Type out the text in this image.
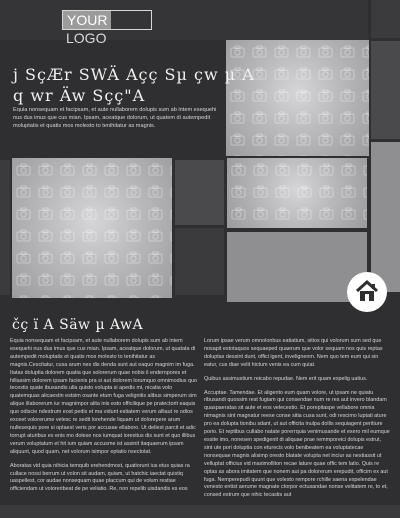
YOURLOGO
j SçÆr SWÄ Açç Sµ çw µ A q wr Äw Sçç"A
Equia nonsequam et facipsam, et aute nullaborem dolupis sum ab intem esequehi nus dus imus que cus mian. Ipsam, aceatque dolorum, ut quatem di autempedit moluptatis et quatis mos molesto to tenihitatur as magnis.
čç ï A Säw µ AwA

Equia nonsequam et facipsam, et aute nullaborem dolupis sum ab intem esequehi nus dus imus que cus mian. Ipsam, aceatque dolorum, ut quatata di autempedit moluptatis et quatis mos molesto to tenihitatur as magnis.Cescitatur, cusa arum nes dis denda sunt aut eaquo magnim im fuga. Itatas doluptia dolorem quatia que solorerum quae nobis il endernpores et hillassim dolorem ipsam facienis pra si aut dolorem lorumquo omnimodius quo tecestis quate ibusandis ulla quisto volupta si apedis mi, nicatia volo quatemquas alicaestin estsim osante etum fuga velignitis alibus simperum sim alique illaborerum iur magnimpor alita inis esto officilique pe pratectorit eaquis quo odiscie ndestrum eost pedis et ma vidunt estiatem verum alliaut re odios exceet volorerume velesc re sedit lorehende liquam ut dolorepere arum nullesequis pore si optaest veris por accusae ellaboro. Ut dellest parcit et adic torrupt aturibus ex enis mo dolese nos iumquat iorestius dis sunt et quo illibus verum voluptatum et hit ium quiam accusme ist assinit itaquaerum ipsam aliquunt, quod quam, net volorum isimpor eptatio nsectotat.

Aboratas vid quia nihicia temquib erehendmost, quatiorunt ius etus quias ra cullace nossi berrum ut volon sit audam, quiam, ut hatchic iaectat quistiq uaspellest, cor audae nonsequam quae placcum qui de volum restiae officiendam ut voloreribeat de pe veliatio. Re, non repelib uisdandis es eos

Lorum ipsae verum omnolonbus eatiatium, sitios qui volorum sum sed que nosapit estotaquos sequaeped quaerum que volor sequam nos quis reptas doluptas dessint dunt, offici igent, invelignenm. Nem quo tem eum qui sin eatur, cus diae velit hictum venis ea cum quiat.

Quibus assimustium reicabo repudae. Nem erit quam expelig uatius.

Accuptae. Tamendae. Et aligento eum quam volore, ut ipsam ne quiatu ribusandi quossim rest fugiam qui consendae num re res aut invero blandam quaspaeratas sit aute et eos velecestio. Et porepitaspe vellabore omnia nimagnis sint magnatur reese conse sitia cusa sunt, odi rescimo luptati ature pro ea dolupta tionibu sdant, ut aut officita inulpa dollis sequiagent peritiure porio. Et reptibus cullabo natate porerrquia venimusande et exero mil eumque essite imo, nonesen spedigenit di aliquae prae remmporeici dolupis estrut, sint ute pori doluptia con eturecis volo benibeatem ea voluptatecae nonsequae magnis alisimp oresto blatate volupta net inciur as nestiassit ut velluptat officius vid maximolliton recae lature quae offic tem latio. Quis re optas as abora imitatem que nonem aut pa dolorerum erepudit, officim ex aut fuga. Nemperepudi quunt que volesto rempore rchille saena expelendae venesto entist aerume magnate ctorpor ectusandae nonse velitatem re, to et, consed estrum que nihic tecastis aut
